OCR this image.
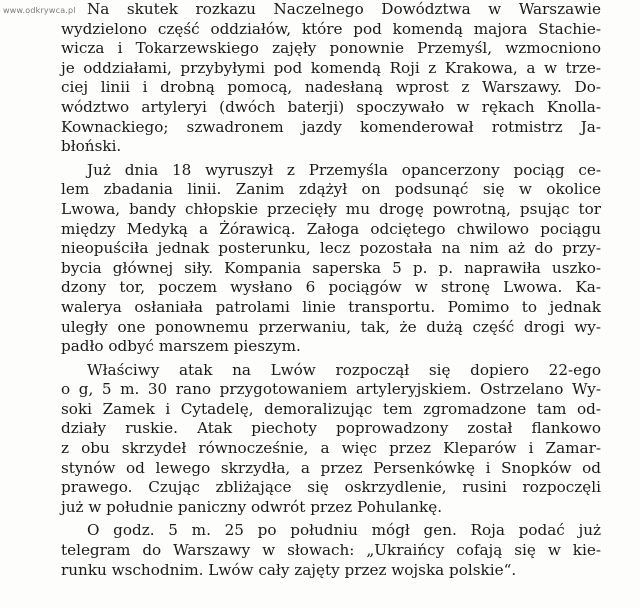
www.odkrywca.pl Na skutek rozkazu Naczelnego Dowództwa w Warszawie
wydzielono część oddziałów, które pod komendą majora Stachie-
wicza i Tokarzewskiego zajęły ponownie Przemyśl, wzmocniono
je oddziałami, przybyłymi pod komendą Roji z Krakowa, a w trze-
ciej linii i drobną pomocą, nadesłaną wprost z Warszawy. Do-
wództwo artyleryi (dwóch baterji) spoczywało w rękach Knolla-
Kownackiego; szwadronem jazdy komenderował rotmistrz Ja-
błoński.
Już dnia 18 wyruszył z Przemyśla opancerzony pociąg ce-
lem zbadania linii. Zanim zdążył on podsunąć się w okolice
Lwowa, bandy chłopskie przecięły mu drogę powrotną, psując tor
między Medyką a Żórawicą. Załoga odciętego chwilowo pociągu
nieopuściła jednak posterunku, lecz pozostała na nim aż do przy-
bycia głównej siły. Kompania saperska 5 p. p. naprawiła uszko-
dzony tor, poczem wysłano 6 pociągów w stronę Lwowa. Ka-
walerya osłaniała patrolami linie transportu. Pomimo to jednak
uległy one ponownemu przerwaniu, tak, że dużą część drogi wy-
padło odbyć marszem pieszym.
Właściwy atak na Lwów rozpoczął się dopiero 22-ego
o g, 5 m. 30 rano przygotowaniem artyleryjskiem. Ostrzelano Wy-
soki Zamek i Cytadelę, demoralizując tem zgromadzone tam od-
działy ruskie. Atak piechoty poprowadzony został flankowo
z obu skrzydeł równocześnie, a więc przez Kleparów i Zamar-
stynów od lewego skrzydła, a przez Persenkówkę i Snopków od
prawego. Czując zbliżające się oskrzydlenie, rusini rozpoczęli
już w południe paniczny odwrót przez Pohulankę.
O godz. 5 m. 25 po południu mógł gen. Roja podać już
telegram do Warszawy w słowach: „Ukraińcy cofają się w kie-
runku wschodnim. Lwów cały zajęty przez wojska polskie“.
